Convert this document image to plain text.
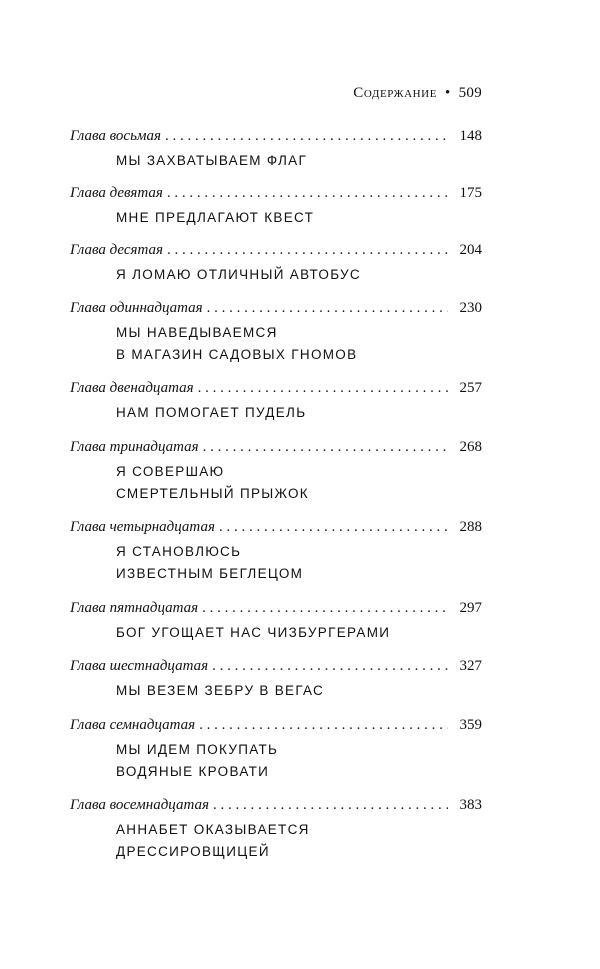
Содержание • 509
Глава восьмая . . .	148
МЫ ЗАХВАТЫВАЕМ ФЛАГ
Глава девятая . . .	175
МНЕ ПРЕДЛАГАЮТ КВЕСТ
Глава десятая . . .	204
Я ЛОМАЮ ОТЛИЧНЫЙ АВТОБУС
Глава одиннадцатая . . .	230
МЫ НАВЕДЫВАЕМСЯ
В МАГАЗИН САДОВЫХ ГНОМОВ
Глава двенадцатая . . .	257
НАМ ПОМОГАЕТ ПУДЕЛЬ
Глава тринадцатая . . .	268
Я СОВЕРШАЮ
СМЕРТЕЛЬНЫЙ ПРЫЖОК
Глава четырнадцатая . . .	288
Я СТАНОВЛЮСЬ
ИЗВЕСТНЫМ БЕГЛЕЦОМ
Глава пятнадцатая . . .	297
БОГ УГОЩАЕТ НАС ЧИЗБУРГЕРАМИ
Глава шестнадцатая . . .	327
МЫ ВЕЗЕМ ЗЕБРУ В ВЕГАС
Глава семнадцатая . . .	359
МЫ ИДЕМ ПОКУПАТЬ
ВОДЯНЫЕ КРОВАТИ
Глава восемнадцатая . . .	383
АННАБЕТ ОКАЗЫВАЕТСЯ
ДРЕССИРОВЩИЦЕЙ
